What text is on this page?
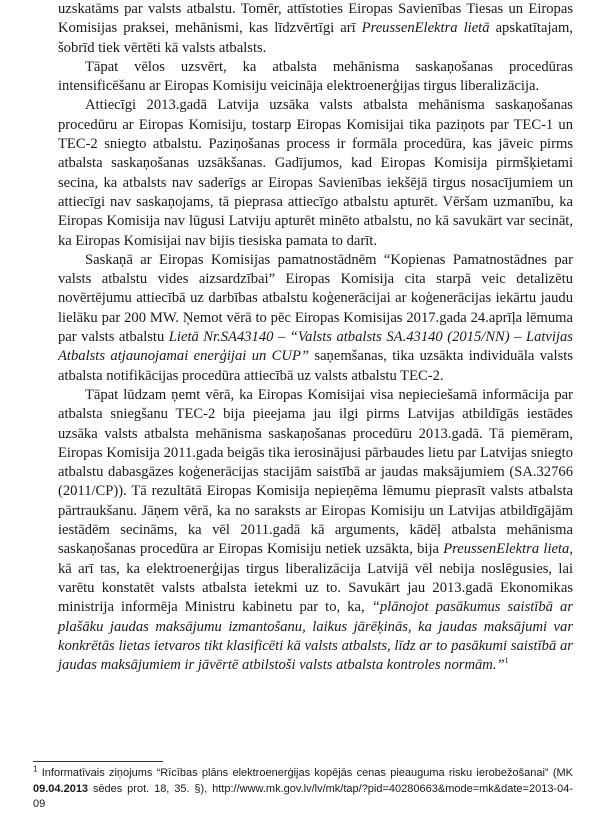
uzskatāms par valsts atbalstu. Tomēr, attīstoties Eiropas Savienības Tiesas un Eiropas Komisijas praksei, mehānismi, kas līdzvērtīgi arī PreussenElektra lietā apskatītajam, šobrīd tiek vērtēti kā valsts atbalsts.

Tāpat vēlos uzsvērt, ka atbalsta mehānisma saskaņošanas procedūras intensificēšanu ar Eiropas Komisiju veicināja elektroenerģijas tirgus liberalizācija.

Attiecīgi 2013.gadā Latvija uzsāka valsts atbalsta mehānisma saskaņošanas procedūru ar Eiropas Komisiju, tostarp Eiropas Komisijai tika paziņots par TEC-1 un TEC-2 sniegto atbalstu. Paziņošanas process ir formāla procedūra, kas jāveic pirms atbalsta saskaņošanas uzsākšanas. Gadījumos, kad Eiropas Komisija pirmšķietami secina, ka atbalsts nav saderīgs ar Eiropas Savienības iekšējā tirgus nosacījumiem un attiecīgi nav saskaņojams, tā pieprasa attiecīgo atbalstu apturēt. Vēršam uzmanību, ka Eiropas Komisija nav lūgusi Latviju apturēt minēto atbalstu, no kā savukārt var secināt, ka Eiropas Komisijai nav bijis tiesiska pamata to darīt.

Saskaņā ar Eiropas Komisijas pamatnostādnēm “Kopienas Pamatnostādnes par valsts atbalstu vides aizsardzībai” Eiropas Komisija cita starpā veic detalizētu novērtējumu attiecībā uz darbības atbalstu koģenerācijai ar koģenerācijas iekārtu jaudu lielāku par 200 MW. Ņemot vērā to pēc Eiropas Komisijas 2017.gada 24.aprīļa lēmuma par valsts atbalstu Lietā Nr.SA43140 – “Valsts atbalsts SA.43140 (2015/NN) – Latvijas Atbalsts atjaunojamai enerģijai un CUP” saņemšanas, tika uzsākta individuāla valsts atbalsta notifikācijas procedūra attiecībā uz valsts atbalstu TEC-2.

Tāpat lūdzam ņemt vērā, ka Eiropas Komisijai visa nepieciešamā informācija par atbalsta sniegšanu TEC-2 bija pieejama jau ilgi pirms Latvijas atbildīgās iestādes uzsāka valsts atbalsta mehānisma saskaņošanas procedūru 2013.gadā. Tā piemēram, Eiropas Komisija 2011.gada beigās tika ierosinājusi pārbaudes lietu par Latvijas sniegto atbalstu dabasgāzes koģenerācijas stacijām saistībā ar jaudas maksājumiem (SA.32766 (2011/CP)). Tā rezultātā Eiropas Komisija nepieņēma lēmumu pieprasīt valsts atbalsta pārtraukšanu. Jāņem vērā, ka no saraksts ar Eiropas Komisiju un Latvijas atbildīgājām iestādēm secināms, ka vēl 2011.gadā kā arguments, kādēļ atbalsta mehānisma saskaņošanas procedūra ar Eiropas Komisiju netiek uzsākta, bija PreussenElektra lieta, kā arī tas, ka elektroenerģijas tirgus liberalizācija Latvijā vēl nebija noslēgusies, lai varētu konstatēt valsts atbalsta ietekmi uz to. Savukārt jau 2013.gadā Ekonomikas ministrija informēja Ministru kabinetu par to, ka, “plānojot pasākumus saistībā ar plašāku jaudas maksājumu izmantošanu, laikus jārēķinās, ka jaudas maksājumi var konkrētās lietas ietvaros tikt klasificēti kā valsts atbalsts, līdz ar to pasākumi saistībā ar jaudas maksājumiem ir jāvērtē atbilstoši valsts atbalsta kontroles normām.”$^1$

$^1$ Informatīvais ziņojums “Rīcības plāns elektroenerģijas kopējās cenas pieauguma risku ierobežošanai” (MK 09.04.2013 sēdes prot. 18, 35. §), http://www.mk.gov.lv/lv/mk/tap/?pid=40280663&mode=mk&date=2013-04-09
